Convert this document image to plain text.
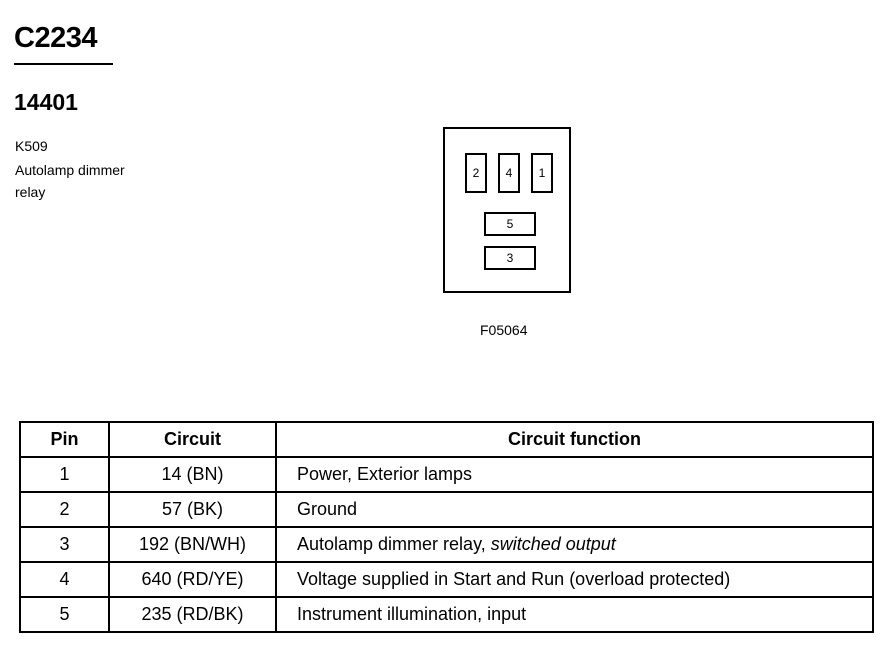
C2234
14401
K509
Autolamp dimmer
relay
2	4	1
5
3
F05064
Pin	Circuit	Circuit function
1	14 (BN)	Power, Exterior lamps
2	57 (BK)	Ground
3	192 (BN/WH)	Autolamp dimmer relay, switched output
4	640 (RD/YE)	Voltage supplied in Start and Run (overload protected)
5	235 (RD/BK)	Instrument illumination, input
